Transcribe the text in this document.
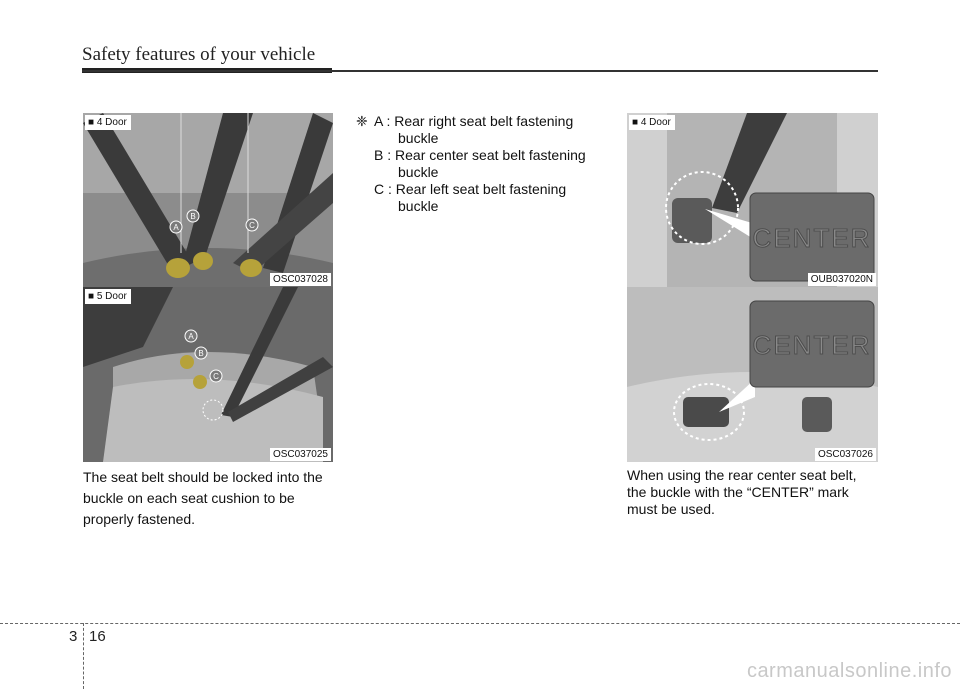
Safety features of your vehicle
A
B
C
■ 4 Door
OSC037028
A
B
C
■ 5 Door
OSC037025
❈ A : Rear right seat belt fastening
buckle
B : Rear center seat belt fastening
buckle
C : Rear left seat belt fastening
buckle
CENTER
■ 4 Door
OUB037020N
CENTER
OSC037026
The seat belt should be locked into the buckle on each seat cushion to be properly fastened.
When using the rear center seat belt, the buckle with the “CENTER” mark must be used.
3 16
carmanualsonline.info
